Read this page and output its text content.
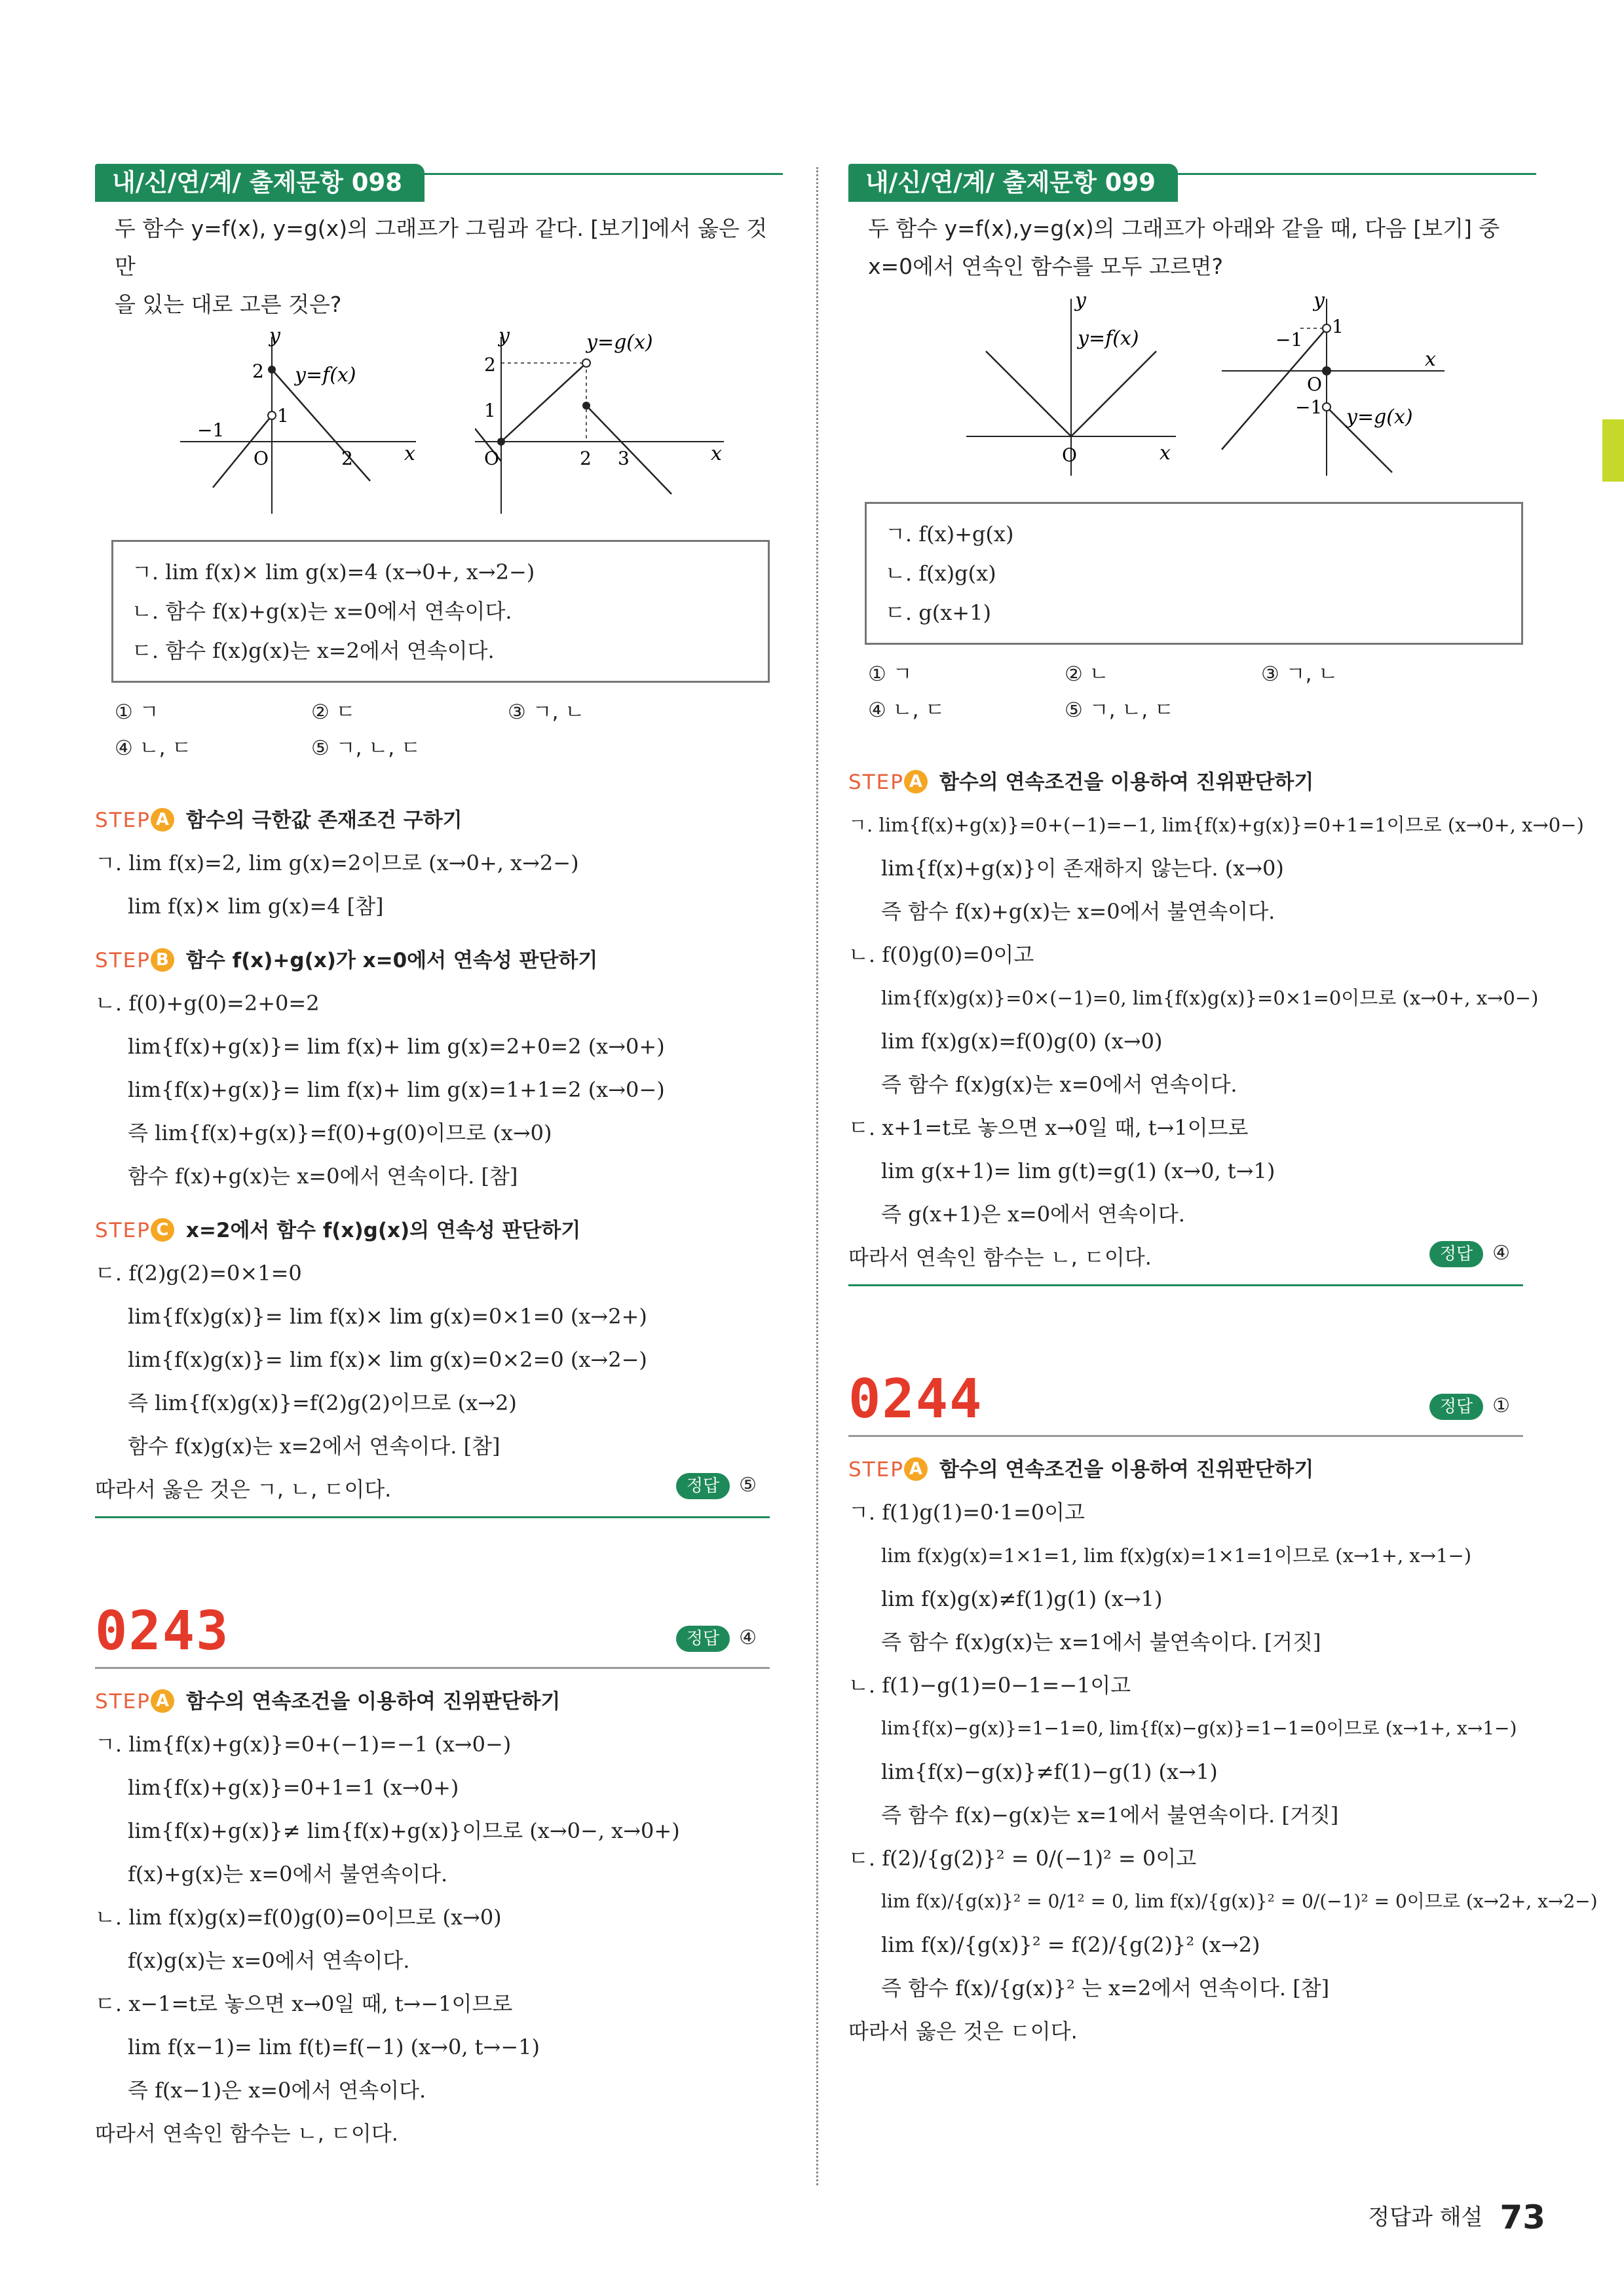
내/신/연/계/ 출제문항 098
두 함수 y=f(x), y=g(x)의 그래프가 그림과 같다. [보기]에서 옳은 것만
을 있는 대로 고른 것은?
y
x
y=f(x)
O
2
1
−1
2
y
x
y=g(x)
O
2
1
2 3
ㄱ. lim f(x)× lim g(x)=4 (x→0+, x→2−)
ㄴ. 함수 f(x)+g(x)는 x=0에서 연속이다.
ㄷ. 함수 f(x)g(x)는 x=2에서 연속이다.
① ㄱ	② ㄷ	③ ㄱ, ㄴ
④ ㄴ, ㄷ	⑤ ㄱ, ㄴ, ㄷ
STEP A 함수의 극한값 존재조건 구하기
ㄱ. lim f(x)=2, lim g(x)=2이므로 (x→0+, x→2−)
lim f(x)× lim g(x)=4 [참]
STEP B 함수 f(x)+g(x)가 x=0에서 연속성 판단하기
ㄴ. f(0)+g(0)=2+0=2
lim{f(x)+g(x)}= lim f(x)+ lim g(x)=2+0=2 (x→0+)
lim{f(x)+g(x)}= lim f(x)+ lim g(x)=1+1=2 (x→0−)
즉 lim{f(x)+g(x)}=f(0)+g(0)이므로 (x→0)
함수 f(x)+g(x)는 x=0에서 연속이다. [참]
STEP C x=2에서 함수 f(x)g(x)의 연속성 판단하기
ㄷ. f(2)g(2)=0×1=0
lim{f(x)g(x)}= lim f(x)× lim g(x)=0×1=0 (x→2+)
lim{f(x)g(x)}= lim f(x)× lim g(x)=0×2=0 (x→2−)
즉 lim{f(x)g(x)}=f(2)g(2)이므로 (x→2)
함수 f(x)g(x)는 x=2에서 연속이다. [참]
따라서 옳은 것은 ㄱ, ㄴ, ㄷ이다.	정답 ⑤
0243	정답 ④
STEP A 함수의 연속조건을 이용하여 진위판단하기
ㄱ. lim{f(x)+g(x)}=0+(−1)=−1 (x→0−)
lim{f(x)+g(x)}=0+1=1 (x→0+)
lim{f(x)+g(x)}≠ lim{f(x)+g(x)}이므로 (x→0−, x→0+)
f(x)+g(x)는 x=0에서 불연속이다.
ㄴ. lim f(x)g(x)=f(0)g(0)=0이므로 (x→0)
f(x)g(x)는 x=0에서 연속이다.
ㄷ. x−1=t로 놓으면 x→0일 때, t→−1이므로
lim f(x−1)= lim f(t)=f(−1) (x→0, t→−1)
즉 f(x−1)은 x=0에서 연속이다.
따라서 연속인 함수는 ㄴ, ㄷ이다.
내/신/연/계/ 출제문항 099
두 함수 y=f(x),y=g(x)의 그래프가 아래와 같을 때, 다음 [보기] 중
x=0에서 연속인 함수를 모두 고르면?
y
x
y=f(x)
O
y
x
y=g(x)
O
1
−1
−1
ㄱ. f(x)+g(x)
ㄴ. f(x)g(x)
ㄷ. g(x+1)
① ㄱ	② ㄴ	③ ㄱ, ㄴ
④ ㄴ, ㄷ	⑤ ㄱ, ㄴ, ㄷ
STEP A 함수의 연속조건을 이용하여 진위판단하기
ㄱ. lim{f(x)+g(x)}=0+(−1)=−1, lim{f(x)+g(x)}=0+1=1이므로 (x→0+, x→0−)
lim{f(x)+g(x)}이 존재하지 않는다. (x→0)
즉 함수 f(x)+g(x)는 x=0에서 불연속이다.
ㄴ. f(0)g(0)=0이고
lim{f(x)g(x)}=0×(−1)=0, lim{f(x)g(x)}=0×1=0이므로 (x→0+, x→0−)
lim f(x)g(x)=f(0)g(0) (x→0)
즉 함수 f(x)g(x)는 x=0에서 연속이다.
ㄷ. x+1=t로 놓으면 x→0일 때, t→1이므로
lim g(x+1)= lim g(t)=g(1) (x→0, t→1)
즉 g(x+1)은 x=0에서 연속이다.
따라서 연속인 함수는 ㄴ, ㄷ이다.	정답 ④
0244	정답 ①
STEP A 함수의 연속조건을 이용하여 진위판단하기
ㄱ. f(1)g(1)=0·1=0이고
lim f(x)g(x)=1×1=1, lim f(x)g(x)=1×1=1이므로 (x→1+, x→1−)
lim f(x)g(x)≠f(1)g(1) (x→1)
즉 함수 f(x)g(x)는 x=1에서 불연속이다. [거짓]
ㄴ. f(1)−g(1)=0−1=−1이고
lim{f(x)−g(x)}=1−1=0, lim{f(x)−g(x)}=1−1=0이므로 (x→1+, x→1−)
lim{f(x)−g(x)}≠f(1)−g(1) (x→1)
즉 함수 f(x)−g(x)는 x=1에서 불연속이다. [거짓]
ㄷ. f(2)/{g(2)}² = 0/(−1)² = 0이고
lim f(x)/{g(x)}² = 0/1² = 0, lim f(x)/{g(x)}² = 0/(−1)² = 0이므로 (x→2+, x→2−)
lim f(x)/{g(x)}² = f(2)/{g(2)}² (x→2)
즉 함수 f(x)/{g(x)}² 는 x=2에서 연속이다. [참]
따라서 옳은 것은 ㄷ이다.
정답과 해설 73
